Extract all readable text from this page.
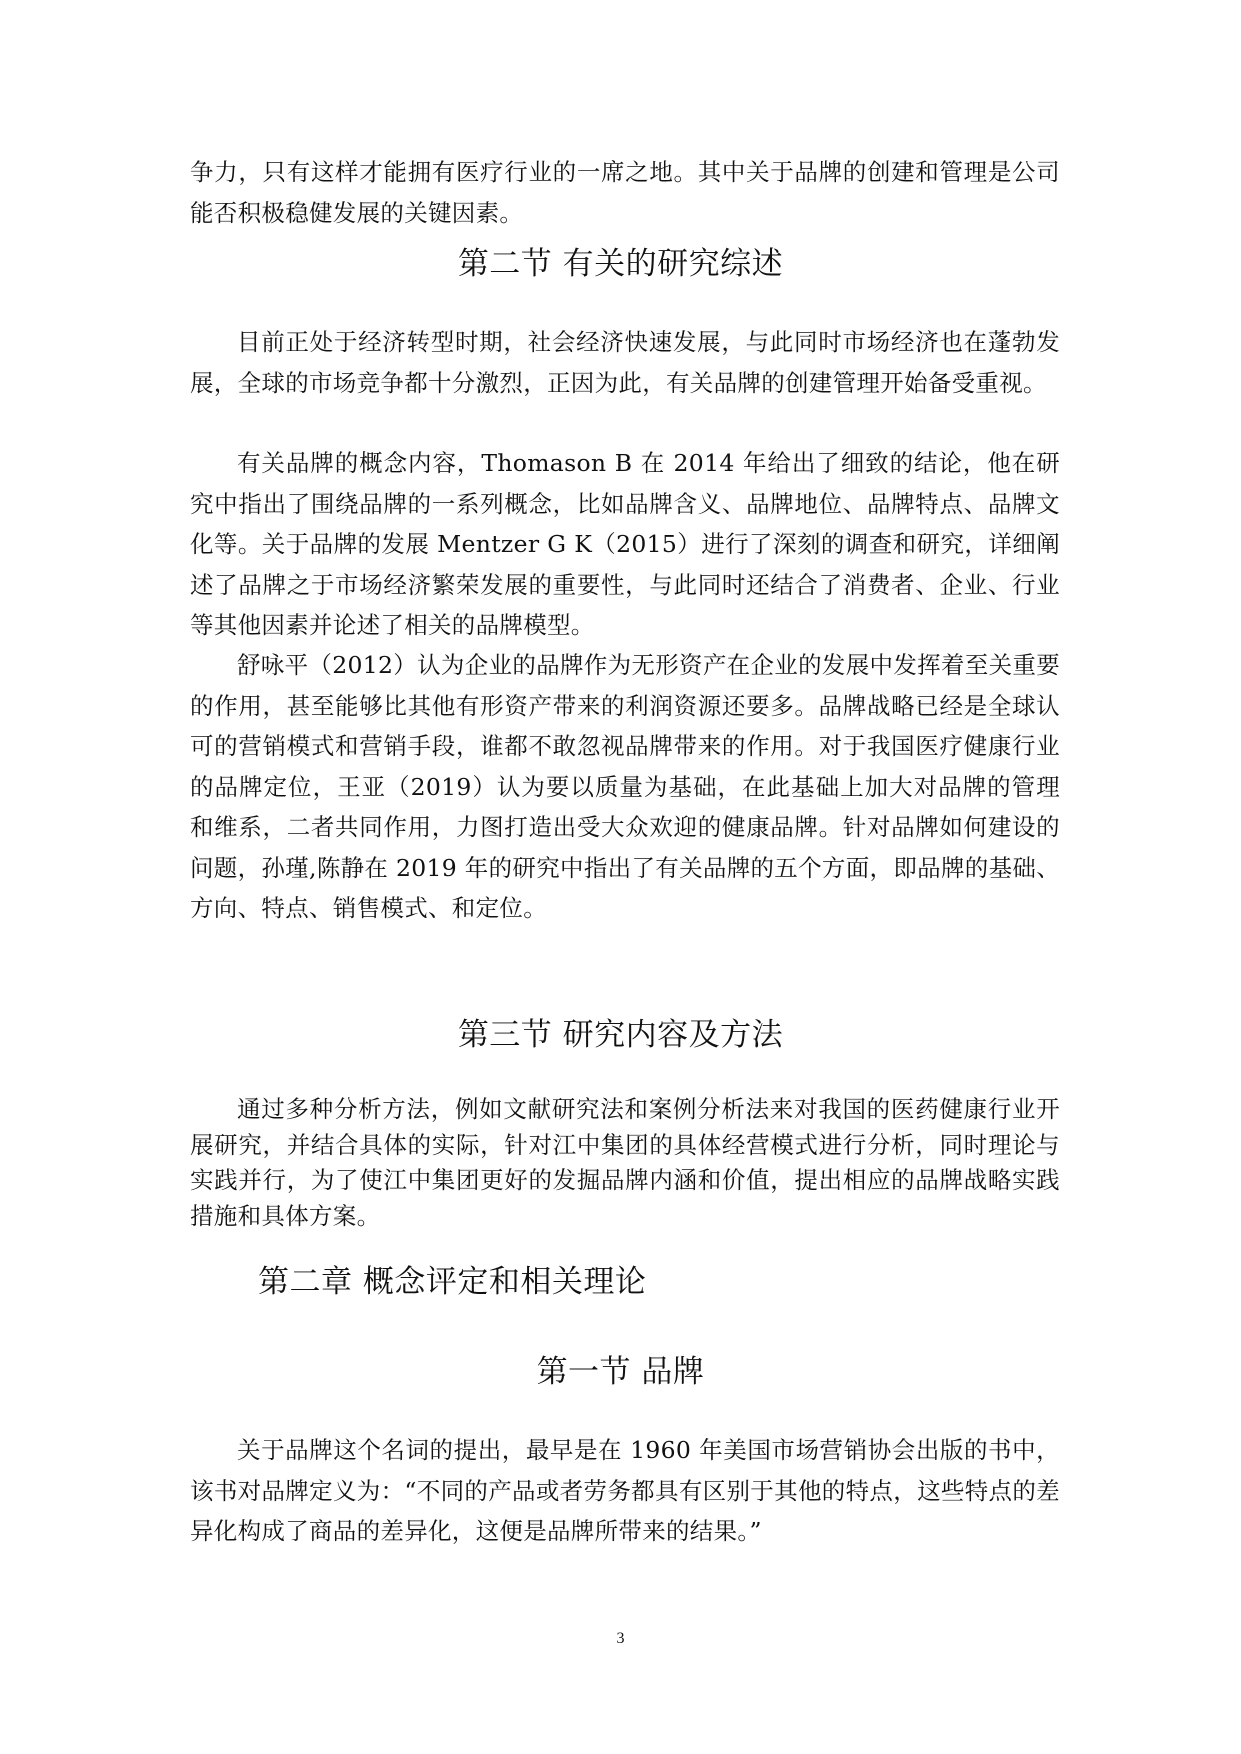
争力，只有这样才能拥有医疗行业的一席之地。其中关于品牌的创建和管理是公司能否积极稳健发展的关键因素。

第二节 有关的研究综述

目前正处于经济转型时期，社会经济快速发展，与此同时市场经济也在蓬勃发展，全球的市场竞争都十分激烈，正因为此，有关品牌的创建管理开始备受重视。

有关品牌的概念内容，Thomason B 在 2014 年给出了细致的结论，他在研究中指出了围绕品牌的一系列概念，比如品牌含义、品牌地位、品牌特点、品牌文化等。关于品牌的发展 Mentzer G K（2015）进行了深刻的调查和研究，详细阐述了品牌之于市场经济繁荣发展的重要性，与此同时还结合了消费者、企业、行业等其他因素并论述了相关的品牌模型。

舒咏平（2012）认为企业的品牌作为无形资产在企业的发展中发挥着至关重要的作用，甚至能够比其他有形资产带来的利润资源还要多。品牌战略已经是全球认可的营销模式和营销手段，谁都不敢忽视品牌带来的作用。对于我国医疗健康行业的品牌定位，王亚（2019）认为要以质量为基础，在此基础上加大对品牌的管理和维系，二者共同作用，力图打造出受大众欢迎的健康品牌。针对品牌如何建设的问题，孙瑾,陈静在 2019 年的研究中指出了有关品牌的五个方面，即品牌的基础、方向、特点、销售模式、和定位。

第三节 研究内容及方法

通过多种分析方法，例如文献研究法和案例分析法来对我国的医药健康行业开展研究，并结合具体的实际，针对江中集团的具体经营模式进行分析，同时理论与实践并行，为了使江中集团更好的发掘品牌内涵和价值，提出相应的品牌战略实践措施和具体方案。

第二章 概念评定和相关理论
第一节 品牌

关于品牌这个名词的提出，最早是在 1960 年美国市场营销协会出版的书中，该书对品牌定义为：“不同的产品或者劳务都具有区别于其他的特点，这些特点的差异化构成了商品的差异化，这便是品牌所带来的结果。”

3
